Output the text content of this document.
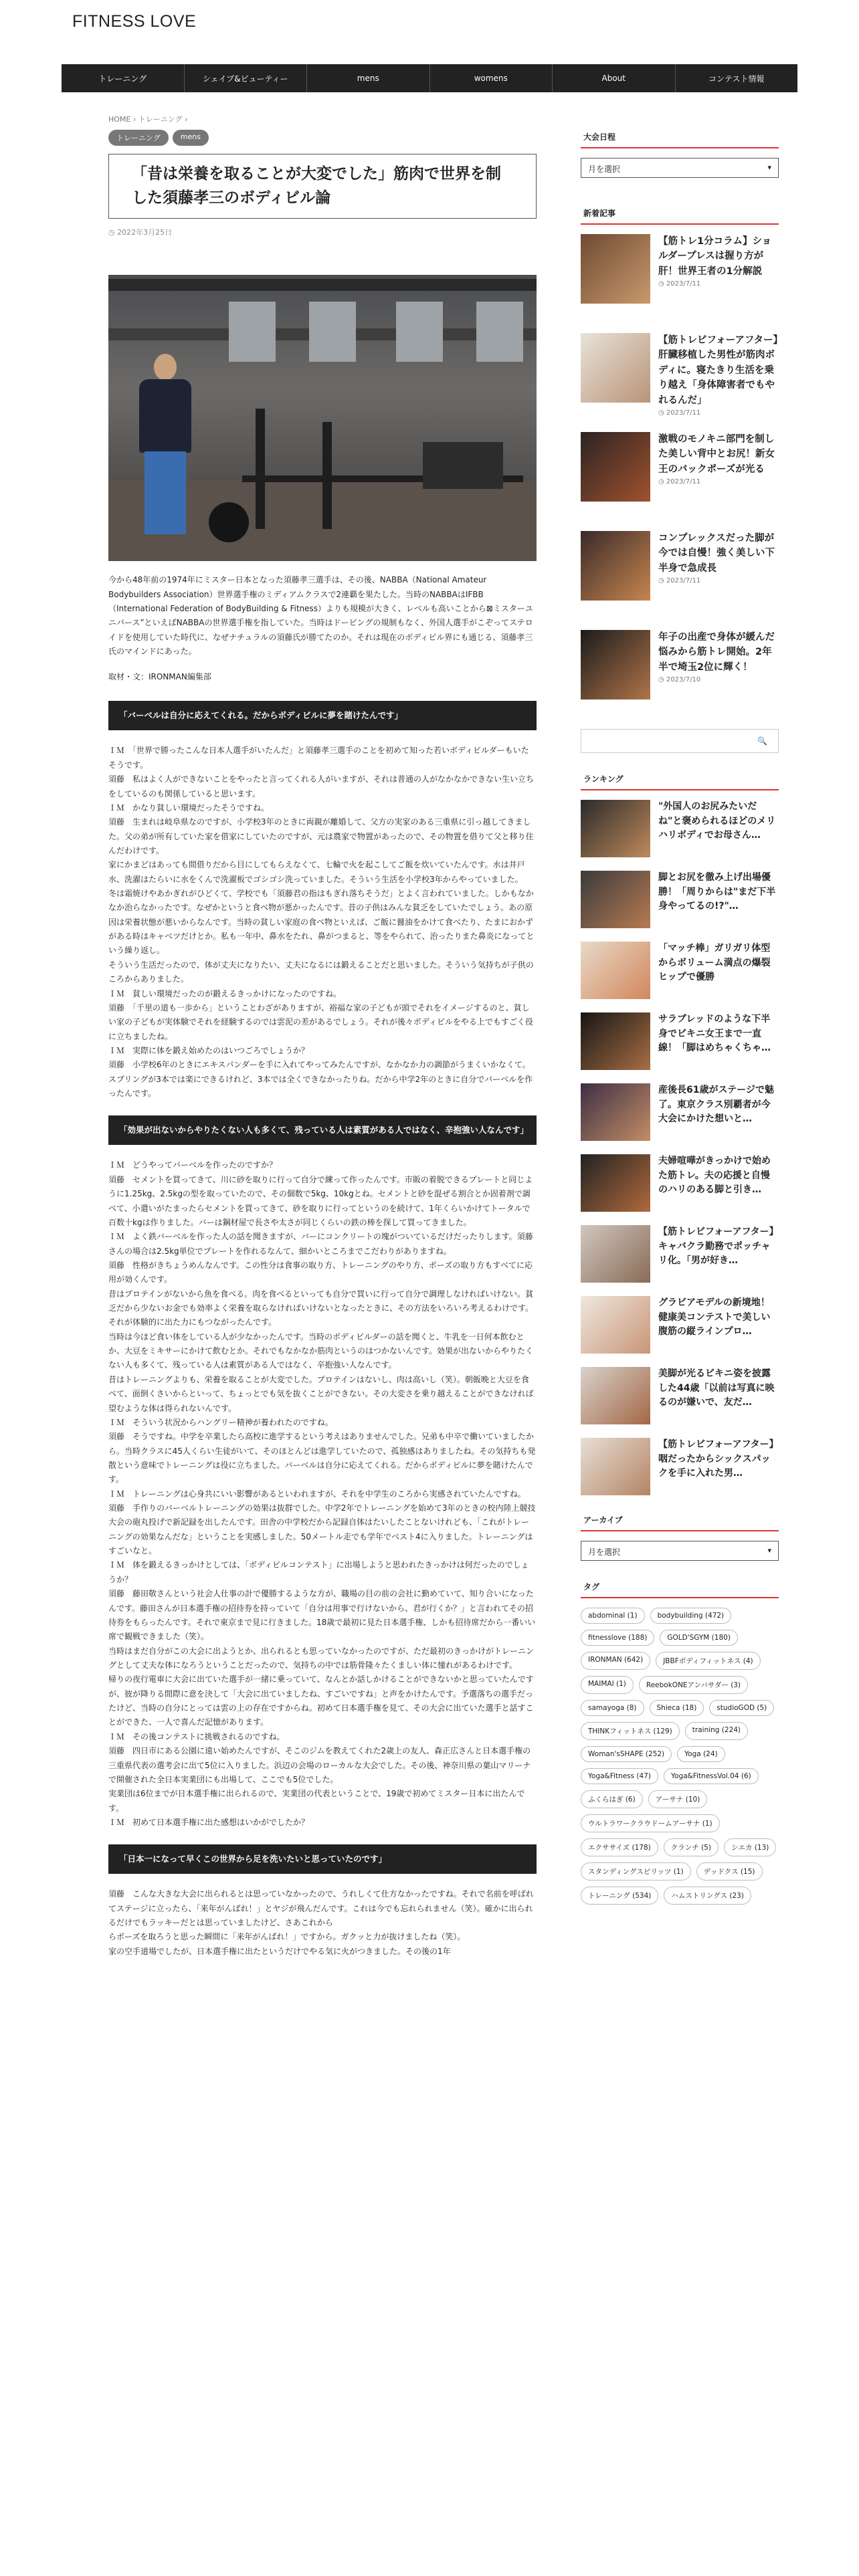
FITNESS LOVE
トレーニング	シェイプ&ビューティー	mens	womens	About	コンテスト情報
HOME › トレーニング ›
トレーニング	mens
「昔は栄養を取ることが大変でした」筋肉で世界を制した須藤孝三のボディビル論
◷ 2022年3月25日

今から48年前の1974年にミスター日本となった須藤孝三選手は、その後、NABBA（National Amateur Bodybuilders Association）世界選手権のミディアムクラスで2連覇を果たした。当時のNABBAはIFBB（International Federation of BodyBuilding & Fitness）よりも規模が大きく、レベルも高いことから⊠ミスターユニバース”といえばNABBAの世界選手権を指していた。当時はドーピングの規制もなく、外国人選手がこぞってステロイドを使用していた時代に、なぜナチュラルの須藤氏が勝てたのか。それは現在のボディビル界にも通じる、須藤孝三氏のマインドにあった。

取材・文：IRONMAN編集部
「バーベルは自分に応えてくれる。だからボディビルに夢を賭けたんです」

ＩＭ　「世界で勝ったこんな日本人選手がいたんだ」と須藤孝三選手のことを初めて知った若いボディビルダーもいたそうです。
須藤　私はよく人ができないことをやったと言ってくれる人がいますが、それは普通の人がなかなかできない生い立ちをしているのも関係していると思います。
ＩＭ　かなり貧しい環境だったそうですね。
須藤　生まれは岐阜県なのですが、小学校3年のときに両親が離婚して、父方の実家のある三重県に引っ越してきました。父の弟が所有していた家を借家にしていたのですが、元は農家で物置があったので、その物置を借りて父と移り住んだわけです。
家にかまどはあっても間借りだから目にしてもらえなくて、七輪で火を起こしてご飯を炊いていたんです。水は井戸水、洗濯はたらいに水をくんで洗濯板でゴシゴシ洗っていました。そういう生活を小学校3年からやっていました。
冬は霜焼けやあかぎれがひどくて、学校でも「須藤君の指はもぎれ落ちそうだ」とよく言われていました。しかもなかなか治らなかったです。なぜかというと食べ物が悪かったんです。昔の子供はみんな貧乏をしていたでしょう。あの原因は栄養状態が悪いからなんです。当時の貧しい家庭の食べ物といえば、ご飯に醤油をかけて食べたり、たまにおかずがある時はキャベツだけとか。私も一年中、鼻水をたれ、鼻がつまると、等をやられて、治ったりまた鼻炎になってという繰り返し。
そういう生活だったので、体が丈夫になりたい、丈夫になるには鍛えることだと思いました。そういう気持ちが子供のころからありました。
ＩＭ　貧しい環境だったのが鍛えるきっかけになったのですね。
須藤　「千里の道も一歩から」ということわざがありますが、裕福な家の子どもが頭でそれをイメージするのと、貧しい家の子どもが実体験でそれを経験するのでは雲泥の差があるでしょう。それが後々ボディビルをやる上でもすごく役に立ちましたね。
ＩＭ　実際に体を鍛え始めたのはいつごろでしょうか？
須藤　小学校6年のときにエキスパンダーを手に入れてやってみたんですが、なかなか力の調節がうまくいかなくて。スプリングが3本では楽にできるけれど、3本では全くできなかったりね。だから中学2年のときに自分でバーベルを作ったんです。

「効果が出ないからやりたくない人も多くて、残っている人は素質がある人ではなく、辛抱強い人なんです」

ＩＭ　どうやってバーベルを作ったのですか？
須藤　セメントを買ってきて、川に砂を取りに行って自分で練って作ったんです。市販の着脱できるプレートと同じように1.25kg、2.5kgの型を取っていたので、その個数で5kg、10kgとね。セメントと砂を混ぜる割合とか固着剤で調べて、小遣いがたまったらセメントを買ってきて、砂を取りに行ってというのを続けて、1年くらいかけてトータルで百数十kgは作りました。バーは鋼材屋で長さや太さが同じくらいの鉄の棒を探して買ってきました。
ＩＭ　よく鉄バーベルを作った人の話を聞きますが、バーにコンクリートの塊がついているだけだったりします。須藤さんの場合は2.5kg単位でプレートを作れるなんて、細かいところまでこだわりがありますね。
須藤　性格がきちょうめんなんです。この性分は食事の取り方、トレーニングのやり方、ポーズの取り方もすべてに応用が効くんです。
昔はプロテインがないから魚を食べる。肉を食べるといっても自分で買いに行って自分で調理しなければいけない。貧乏だから少ないお金でも効率よく栄養を取らなければいけないとなったときに、その方法をいろいろ考えるわけです。それが体験的に出た力にもつながったんです。
当時は今ほど食い体をしている人が少なかったんです。当時のボディビルダーの話を聞くと、牛乳を一日何本飲むとか、大豆をミキサーにかけて飲むとか。それでもなかなか筋肉というのはつかないんです。効果が出ないからやりたくない人も多くて、残っている人は素質がある人ではなく、辛抱強い人なんです。
昔はトレーニングよりも、栄養を取ることが大変でした。プロテインはないし、肉は高いし（笑）。朝飯晩と大豆を食べて、面倒くさいからといって、ちょっとでも気を抜くことができない。その大変さを乗り越えることができなければ望むような体は得られないんです。
ＩＭ　そういう状況からハングリー精神が養われたのですね。
須藤　そうですね。中学を卒業したら高校に進学するという考えはありませんでした。兄弟も中卒で働いていましたから。当時クラスに45人くらい生徒がいて、そのほとんどは進学していたので、孤独感はありましたね。その気持ちも発散という意味でトレーニングは役に立ちました。バーベルは自分に応えてくれる。だからボディビルに夢を賭けたんです。
ＩＭ　トレーニングは心身共にいい影響があるといわれますが、それを中学生のころから実感されていたんですね。
須藤　手作りのバーベルトレーニングの効果は抜群でした。中学2年でトレーニングを始めて3年のときの校内陸上競技大会の砲丸投げで新記録を出したんです。田舎の中学校だから記録自体はたいしたことないけれども、「これがトレーニングの効果なんだな」ということを実感しました。50メートル走でも学年でベスト4に入りました。トレーニングはすごいなと。
ＩＭ　体を鍛えるきっかけとしては、「ボディビルコンテスト」に出場しようと思われたきっかけは何だったのでしょうか？
須藤　藤田敬さんという社会人仕事の計で優勝するような方が、職場の目の前の会社に勤めていて、知り合いになったんです。藤田さんが日本選手権の招待券を持っていて「自分は用事で行けないから、君が行くか？」と言われてその招待券をもらったんです。それで東京まで見に行きました。18歳で最初に見た日本選手権、しかも招待席だから一番いい席で観戦できました（笑）。
当時はまだ自分がこの大会に出ようとか、出られるとも思っていなかったのですが、ただ最初のきっかけがトレーニングとして丈夫な体になろうということだったので、気持ちの中では筋骨隆々たくましい体に憧れがあるわけです。
帰りの夜行電車に大会に出ていた選手が一緒に乗っていて、なんとか話しかけることができないかと思っていたんですが、彼が降りる間際に意を決して「大会に出ていましたね、すごいですね」と声をかけたんです。予選落ちの選手だったけど、当時の自分にとっては雲の上の存在ですからね。初めて日本選手権を見て、その大会に出ていた選手と話すことができた、一人で喜んだ記憶があります。
ＩＭ　その後コンテストに挑戦されるのですね。
須藤　四日市にある公園に遠い始めたんですが、そこのジムを教えてくれた2歳上の友人、森正広さんと日本選手権の三重県代表の選考会に出て5位に入りました。浜辺の会場のローカルな大会でした。その後、神奈川県の葉山マリーナで開催された全日本実業団にも出場して、ここでも5位でした。
実業団は6位までが日本選手権に出られるので、実業団の代表ということで、19歳で初めてミスター日本に出たんです。
ＩＭ　初めて日本選手権に出た感想はいかがでしたか？

「日本一になって早くこの世界から足を洗いたいと思っていたのです」

須藤　こんな大きな大会に出られるとは思っていなかったので、うれしくて仕方なかったですね。それで名前を呼ばれてステージに立ったら、「来年がんばれ！」とヤジが飛んだんです。これは今でも忘れられません（笑）。確かに出られるだけでもラッキーだとは思っていましたけど、さあこれから
らボーズを取ろうと思った瞬間に「来年がんばれ！」ですから。ガクッと力が抜けましたね（笑）。
家の空手道場でしたが、日本選手権に出たというだけでやる気に火がつきました。その後の1年

大会日程
月を選択	▾
新着記事
【筋トレ1分コラム】ショルダープレスは握り方が肝！世界王者の1分解説
◷ 2023/7/11
【筋トレビフォーアフター】肝臓移植した男性が筋肉ボディに。寝たきり生活を乗り越え「身体障害者でもやれるんだ」
◷ 2023/7/11
激戦のモノキニ部門を制した美しい背中とお尻！新女王のバックポーズが光る
◷ 2023/7/11
コンプレックスだった脚が今では自慢！強く美しい下半身で急成長
◷ 2023/7/11
年子の出産で身体が緩んだ悩みから筋トレ開始。2年半で埼玉2位に輝く！
◷ 2023/7/10
🔍
ランキング
"外国人のお尻みたいだね"と褒められるほどのメリハリボディでお母さん…
脚とお尻を徹み上げ出場優勝！「周りからは"まだ下半身やってるの!?"…
「マッチ棒」ガリガリ体型からボリューム満点の爆裂ヒップで優勝
サラブレッドのような下半身でビキニ女王まで一直線！「脚はめちゃくちゃ…
産後長61歳がステージで魅了。東京クラス別覇者が今大会にかけた想いと…
夫婦喧嘩がきっかけで始めた筋トレ。夫の応援と自慢のハリのある脚と引き…
【筋トレビフォーアフター】キャバクラ勤務でポッチャリ化。「男が好き…
グラビアモデルの新境地！健康美コンテストで美しい腹筋の縦ラインプロ…
美脚が光るビキニ姿を披露した44歳「以前は写真に映るのが嫌いで、友だ…
【筋トレビフォーアフター】咽だったからシックスパックを手に入れた男…
アーカイブ
月を選択	▾
タグ
abdominal (1)	bodybuilding (472)
fitnesslove (188)	GOLD'SGYM (180)
IRONMAN (642)	JBBFボディフィットネス (4)
MAIMAI (1)	ReebokONEアンバサダー (3)
samayoga (8)	Shieca (18)	studioGOD (5)
THINKフィットネス (129)	training (224)
Woman'sSHAPE (252)	Yoga (24)
Yoga&Fitness (47)	Yoga&FitnessVol.04 (6)
ふくらはぎ (6)	アーサナ (10)
ウルトラワークラウドームアーサナ (1)
エクササイズ (178)	クランチ (5)	シエカ (13)
スタンディングスピリッツ (1)	デッドクス (15)
トレーニング (534)	ハムストリングス (23)
